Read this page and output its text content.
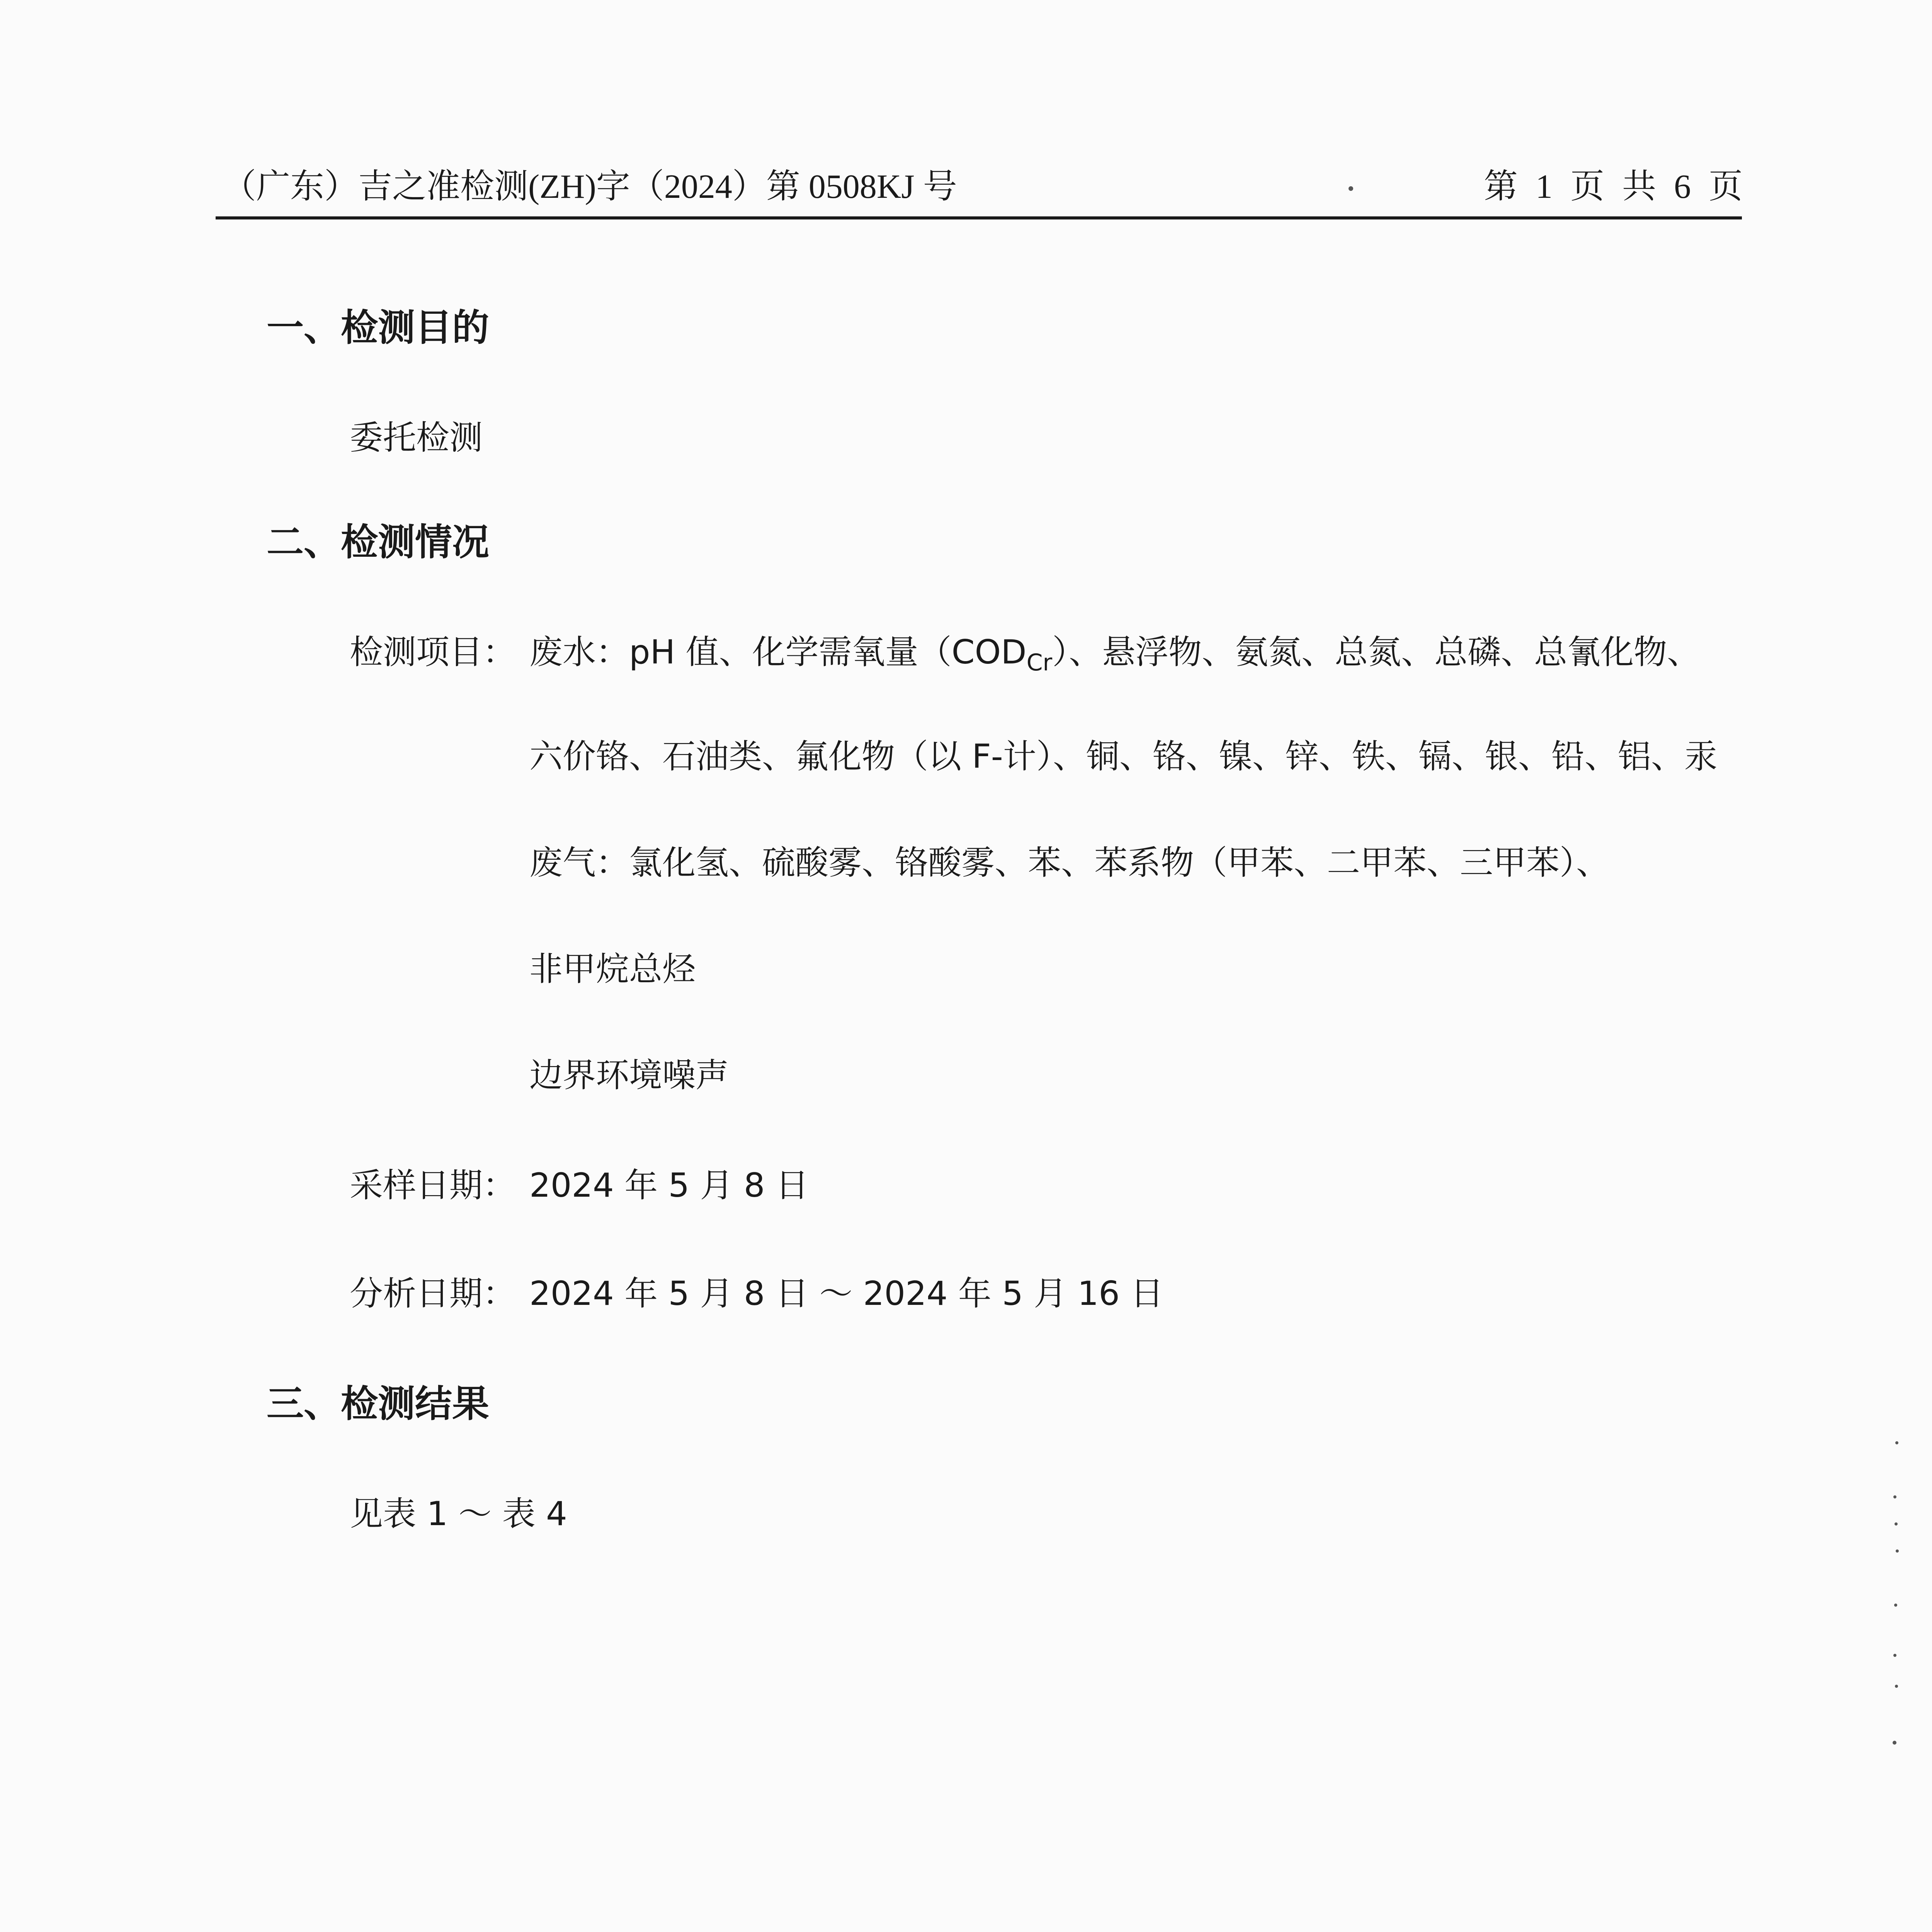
（广东）吉之准检测(ZH)字（2024）第 0508KJ 号	第 1 页 共 6 页
一、检测目的
委托检测
二、检测情况
检测项目： 废水：pH 值、化学需氧量$(COD_{Cr})$、悬浮物、氨氮、总氮、总磷、总氰化物、
六价铬、石油类、氟化物（以 F-计）、铜、铬、镍、锌、铁、镉、银、铅、铝、汞
废气：氯化氢、硫酸雾、铬酸雾、苯、苯系物（甲苯、二甲苯、三甲苯）、
非甲烷总烃
边界环境噪声
采样日期： 2024 年 5 月 8 日
分析日期： 2024 年 5 月 8 日 ～ 2024 年 5 月 16 日
三、检测结果
见表 1 ～ 表 4
